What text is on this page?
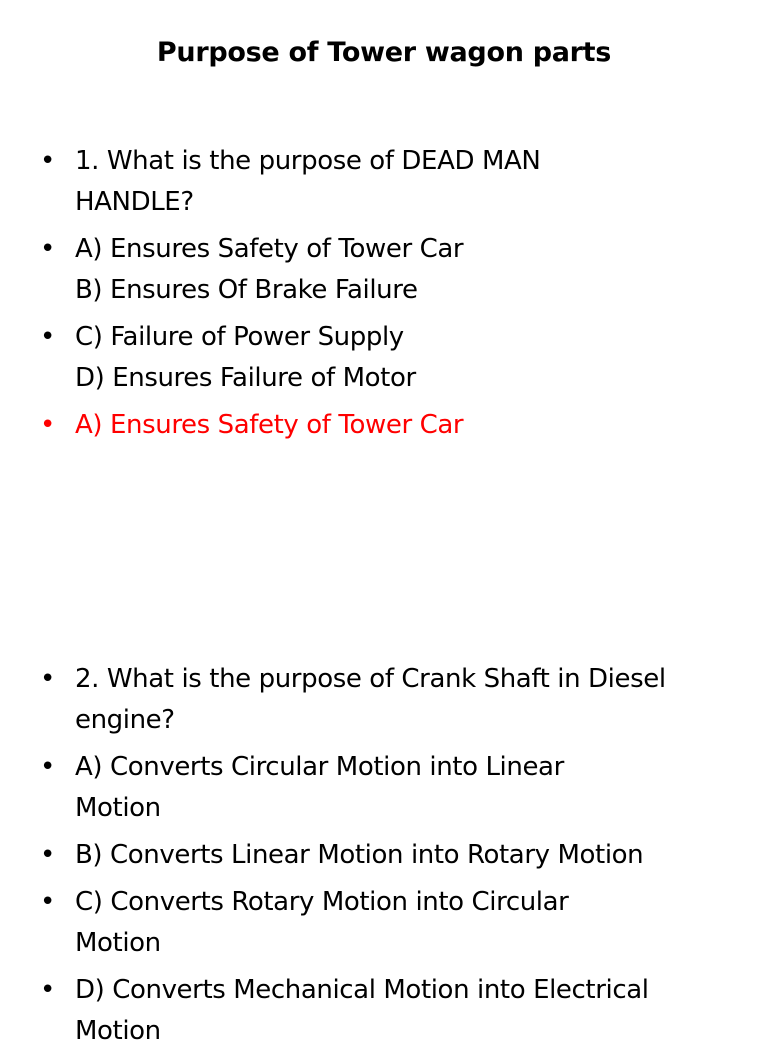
Purpose of Tower wagon parts
• 1. What is the purpose of DEAD MAN
HANDLE?
• A) Ensures Safety of Tower Car
B) Ensures Of Brake Failure
• C) Failure of Power Supply
D) Ensures Failure of Motor
• A) Ensures Safety of Tower Car
• 2. What is the purpose of Crank Shaft in Diesel
engine?
• A) Converts Circular Motion into Linear
Motion
• B) Converts Linear Motion into Rotary Motion
• C) Converts Rotary Motion into Circular
Motion
• D) Converts Mechanical Motion into Electrical
Motion
